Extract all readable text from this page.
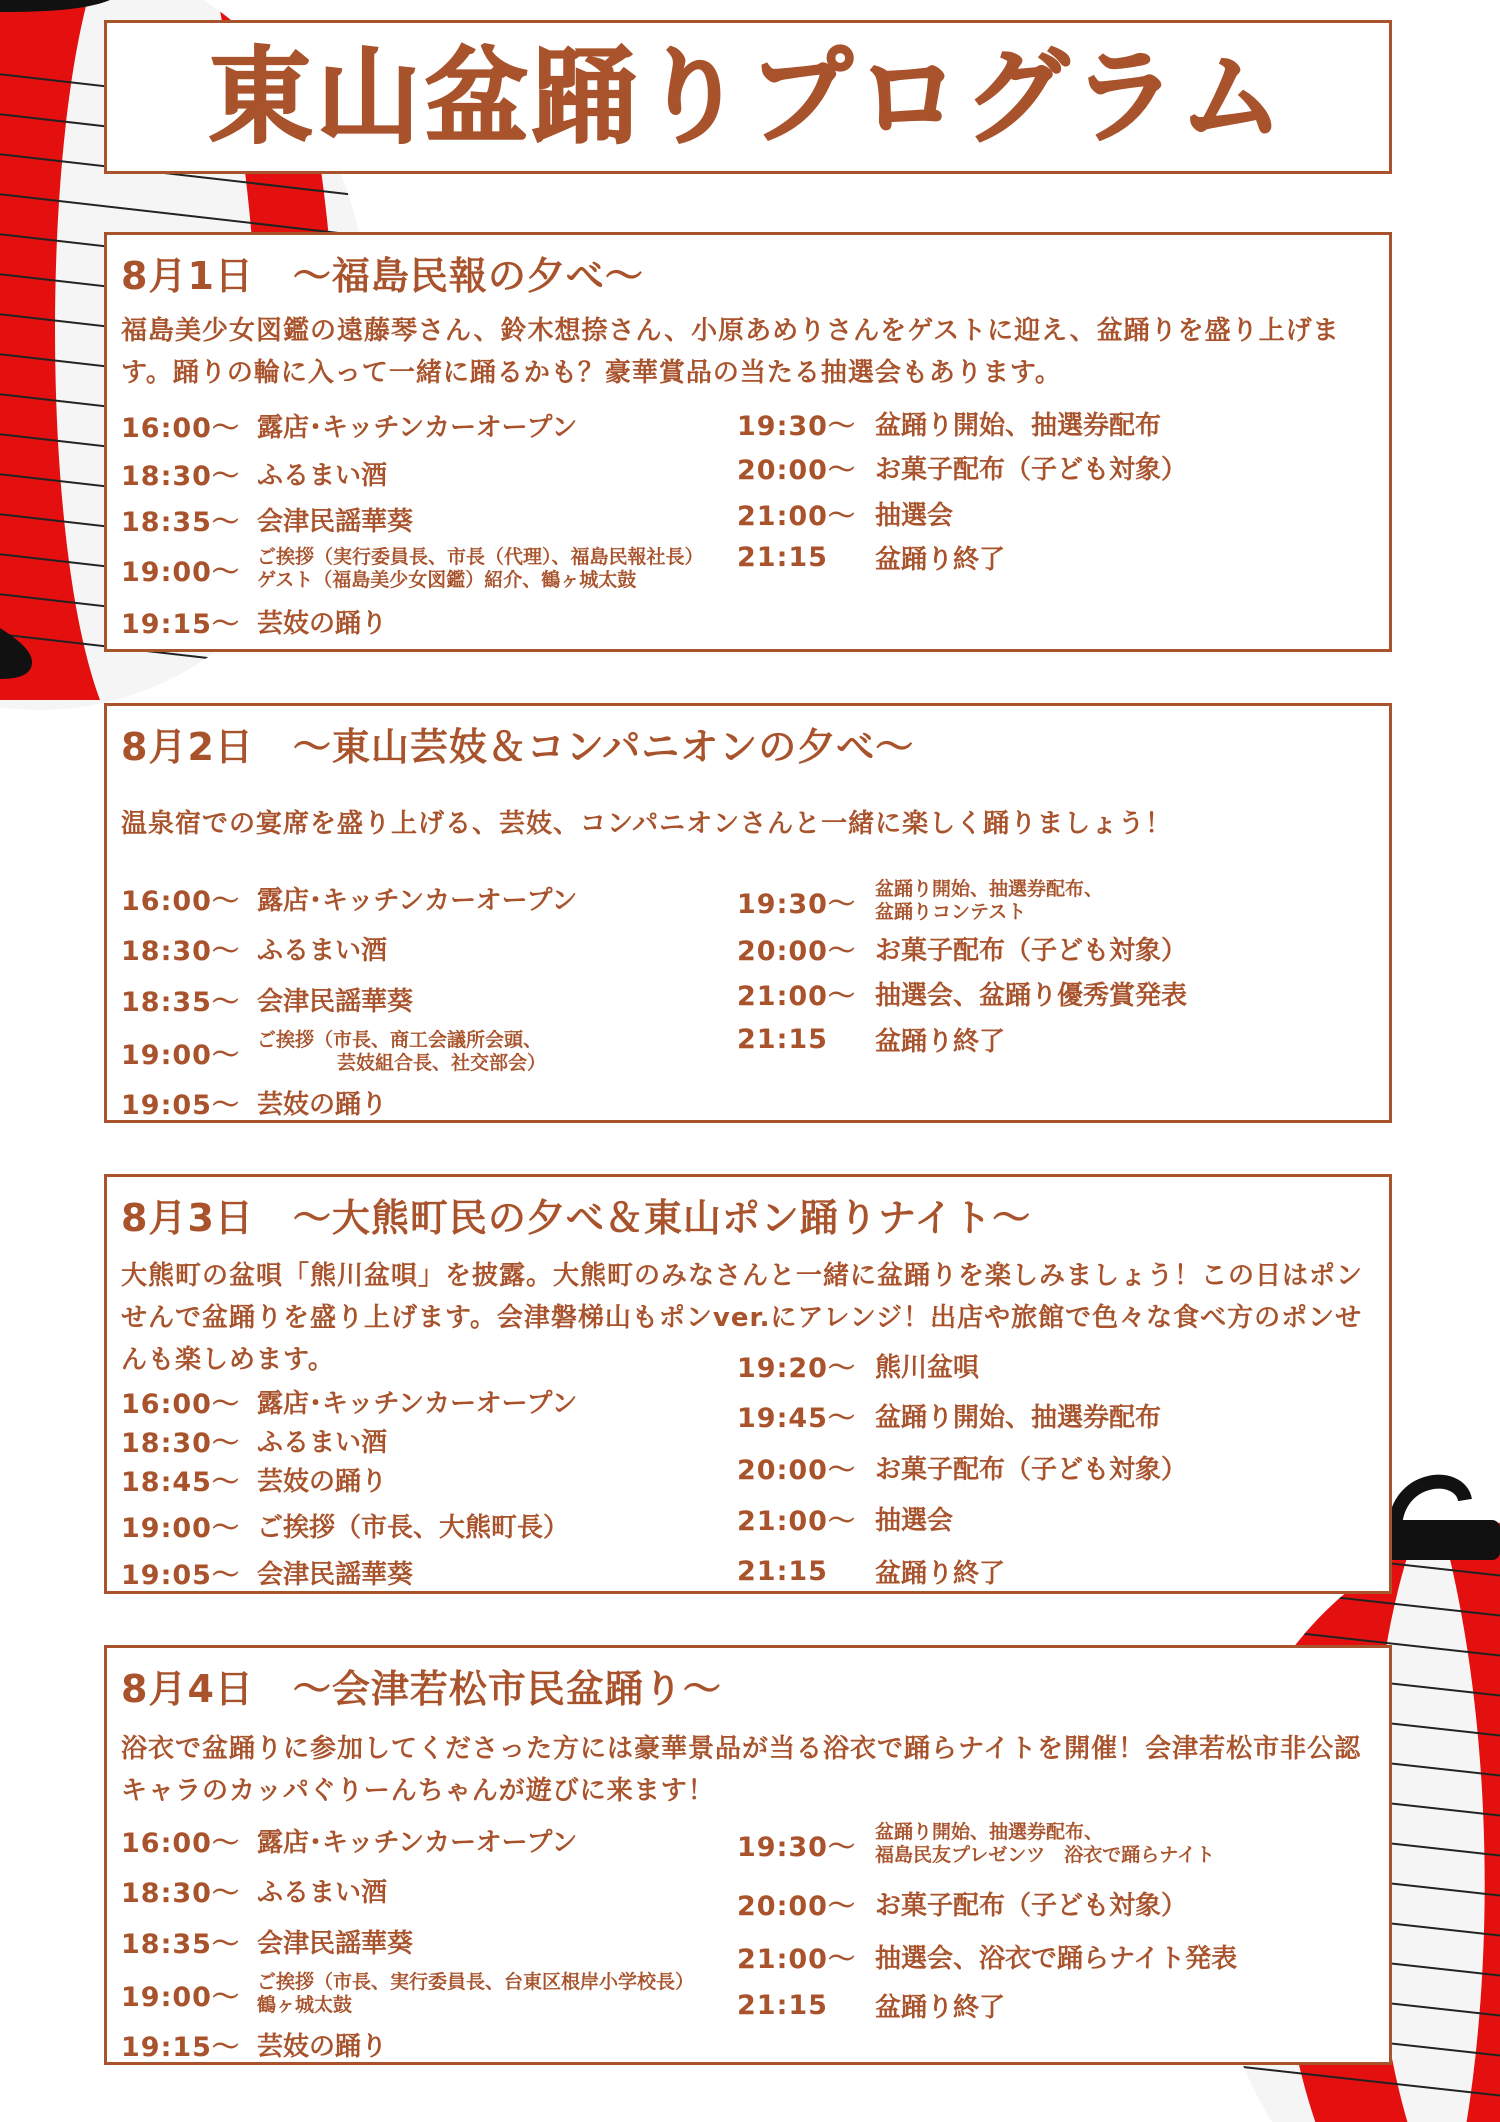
東山盆踊りプログラム
8月1日　〜福島民報の夕べ〜
福島美少女図鑑の遠藤琴さん、鈴木想捺さん、小原あめりさんをゲストに迎え、盆踊りを盛り上げます。踊りの輪に入って一緒に踊るかも？豪華賞品の当たる抽選会もあります。
16:00〜 露店･キッチンカーオープン
18:30〜 ふるまい酒
18:35〜 会津民謡華葵
19:00〜 ご挨拶（実行委員長、市長（代理）、福島民報社長）
ゲスト（福島美少女図鑑）紹介、鶴ヶ城太鼓
19:15〜 芸妓の踊り
19:30〜 盆踊り開始、抽選券配布
20:00〜 お菓子配布（子ども対象）
21:00〜 抽選会
21:15	盆踊り終了
8月2日　〜東山芸妓＆コンパニオンの夕べ〜
温泉宿での宴席を盛り上げる、芸妓、コンパニオンさんと一緒に楽しく踊りましょう！
16:00〜 露店･キッチンカーオープン
18:30〜 ふるまい酒
18:35〜 会津民謡華葵
19:00〜 ご挨拶（市長、商工会議所会頭、
芸妓組合長、社交部会）
19:05〜 芸妓の踊り
19:30〜	盆踊り開始、抽選券配布、
盆踊りコンテスト
20:00〜 お菓子配布（子ども対象）
21:00〜 抽選会、盆踊り優秀賞発表
21:15	盆踊り終了
8月3日　〜大熊町民の夕べ＆東山ポン踊りナイト〜
大熊町の盆唄「熊川盆唄」を披露。大熊町のみなさんと一緒に盆踊りを楽しみましょう！この日はポンせんで盆踊りを盛り上げます。会津磐梯山もポンver.にアレンジ！出店や旅館で色々な食べ方のポンせんも楽しめます。
16:00〜 露店･キッチンカーオープン
18:30〜 ふるまい酒
18:45〜 芸妓の踊り
19:00〜 ご挨拶（市長、大熊町長）
19:05〜 会津民謡華葵
19:20〜 熊川盆唄
19:45〜 盆踊り開始、抽選券配布
20:00〜 お菓子配布（子ども対象）
21:00〜 抽選会
21:15	盆踊り終了
8月4日　〜会津若松市民盆踊り〜
浴衣で盆踊りに参加してくださった方には豪華景品が当る浴衣で踊らナイトを開催！会津若松市非公認キャラのカッパぐりーんちゃんが遊びに来ます！
16:00〜 露店･キッチンカーオープン
18:30〜 ふるまい酒
18:35〜 会津民謡華葵
19:00〜 ご挨拶（市長、実行委員長、台東区根岸小学校長）
鶴ヶ城太鼓
19:15〜 芸妓の踊り
19:30〜	盆踊り開始、抽選券配布、
福島民友プレゼンツ　浴衣で踊らナイト
20:00〜 お菓子配布（子ども対象）
21:00〜 抽選会、浴衣で踊らナイト発表
21:15	盆踊り終了
